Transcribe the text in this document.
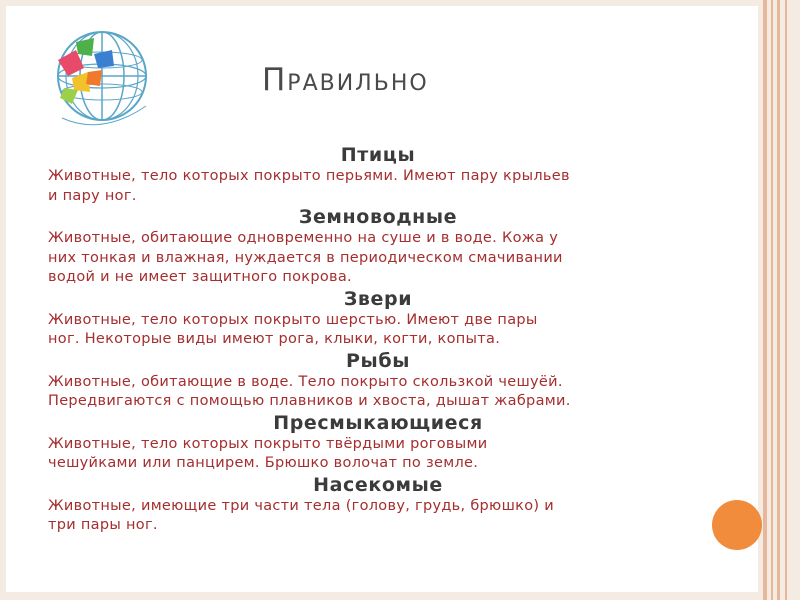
Правильно
Птицы

Животные, тело которых покрыто перьями. Имеют пару крыльев

и пару ног.

Земноводные

Животные, обитающие одновременно на суше и в воде. Кожа у

них тонкая и влажная, нуждается в периодическом смачивании

водой и не имеет защитного покрова.

Звери

Животные, тело которых покрыто шерстью. Имеют две пары

ног. Некоторые виды имеют рога, клыки, когти, копыта.

Рыбы

Животные, обитающие в воде. Тело покрыто скользкой чешуёй.

Передвигаются с помощью плавников и хвоста, дышат жабрами.

Пресмыкающиеся

Животные, тело которых покрыто твёрдыми роговыми

чешуйками или панцирем. Брюшко волочат по земле.

Насекомые

Животные, имеющие три части тела (голову, грудь, брюшко) и

три пары ног.
